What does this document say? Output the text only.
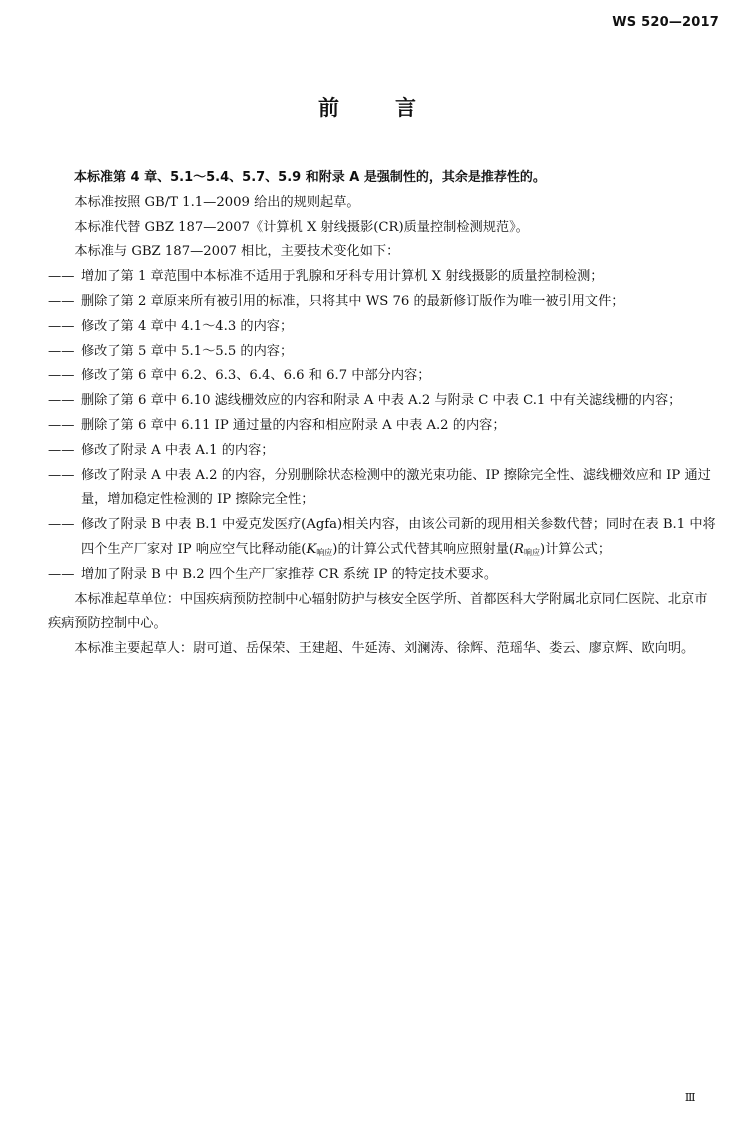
WS 520—2017
前	言

本标准第 4 章、5.1～5.4、5.7、5.9 和附录 A 是强制性的，其余是推荐性的。

本标准按照 GB/T 1.1—2009 给出的规则起草。

本标准代替 GBZ 187—2007《计算机 X 射线摄影(CR)质量控制检测规范》。

本标准与 GBZ 187—2007 相比，主要技术变化如下：

—— 增加了第 1 章范围中本标准不适用于乳腺和牙科专用计算机 X 射线摄影的质量控制检测；
—— 删除了第 2 章原来所有被引用的标准，只将其中 WS 76 的最新修订版作为唯一被引用文件；
—— 修改了第 4 章中 4.1～4.3 的内容；
—— 修改了第 5 章中 5.1～5.5 的内容；
—— 修改了第 6 章中 6.2、6.3、6.4、6.6 和 6.7 中部分内容；
—— 删除了第 6 章中 6.10 滤线栅效应的内容和附录 A 中表 A.2 与附录 C 中表 C.1 中有关滤线栅的内容；
—— 删除了第 6 章中 6.11 IP 通过量的内容和相应附录 A 中表 A.2 的内容；
—— 修改了附录 A 中表 A.1 的内容；
—— 修改了附录 A 中表 A.2 的内容，分别删除状态检测中的激光束功能、IP 擦除完全性、滤线栅效应和 IP 通过量，增加稳定性检测的 IP 擦除完全性；
—— 修改了附录 B 中表 B.1 中爱克发医疗(Agfa)相关内容，由该公司新的现用相关参数代替；同时在表 B.1 中将四个生产厂家对 IP 响应空气比释动能$(K_{响应})$的计算公式代替其响应照射量$(R_{响应})$计算公式；
—— 增加了附录 B 中 B.2 四个生产厂家推荐 CR 系统 IP 的特定技术要求。

本标准起草单位：中国疾病预防控制中心辐射防护与核安全医学所、首都医科大学附属北京同仁医院、北京市疾病预防控制中心。

本标准主要起草人：尉可道、岳保荣、王建超、牛延涛、刘澜涛、徐辉、范瑶华、娄云、廖京辉、欧向明。

Ⅲ
